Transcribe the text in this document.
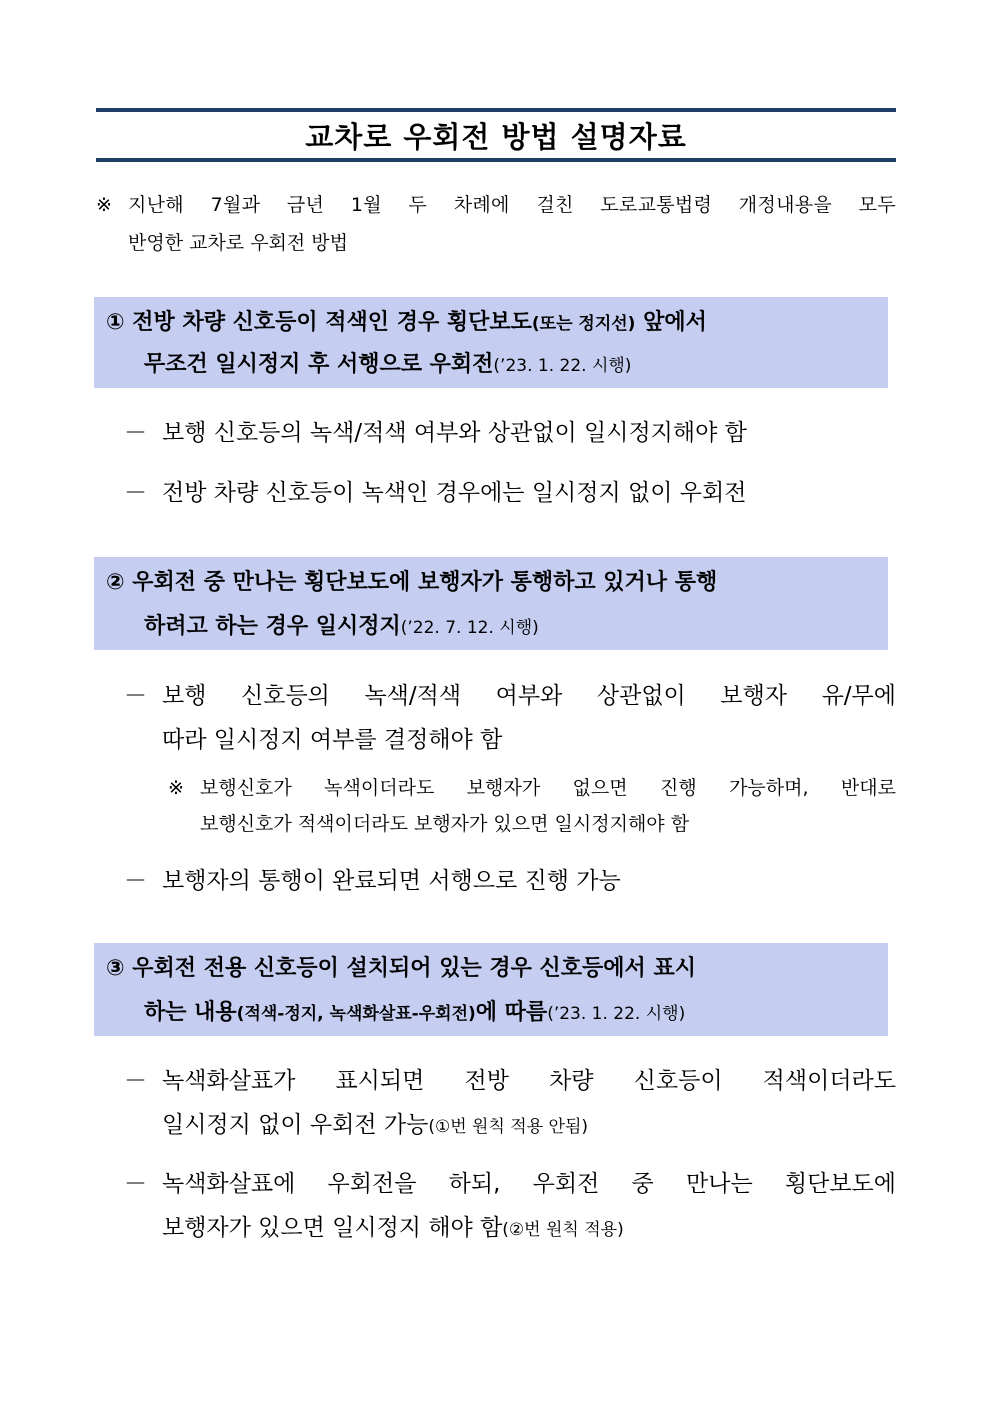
교차로 우회전 방법 설명자료
※ 지난해 7월과 금년 1월 두 차례에 걸친 도로교통법령 개정내용을 모두
반영한 교차로 우회전 방법
① 전방 차량 신호등이 적색인 경우 횡단보도(또는 정지선) 앞에서
무조건 일시정지 후 서행으로 우회전(’23. 1. 22. 시행)
－ 보행 신호등의 녹색/적색 여부와 상관없이 일시정지해야 함
－ 전방 차량 신호등이 녹색인 경우에는 일시정지 없이 우회전
② 우회전 중 만나는 횡단보도에 보행자가 통행하고 있거나 통행
하려고 하는 경우 일시정지(’22. 7. 12. 시행)
－ 보행 신호등의 녹색/적색 여부와 상관없이 보행자 유/무에
따라 일시정지 여부를 결정해야 함
※ 보행신호가 녹색이더라도 보행자가 없으면 진행 가능하며, 반대로
보행신호가 적색이더라도 보행자가 있으면 일시정지해야 함
－ 보행자의 통행이 완료되면 서행으로 진행 가능
③ 우회전 전용 신호등이 설치되어 있는 경우 신호등에서 표시
하는 내용(적색-정지, 녹색화살표-우회전)에 따름(’23. 1. 22. 시행)
－ 녹색화살표가 표시되면 전방 차량 신호등이 적색이더라도
일시정지 없이 우회전 가능(①번 원칙 적용 안됨)
－ 녹색화살표에 우회전을 하되, 우회전 중 만나는 횡단보도에
보행자가 있으면 일시정지 해야 함(②번 원칙 적용)
